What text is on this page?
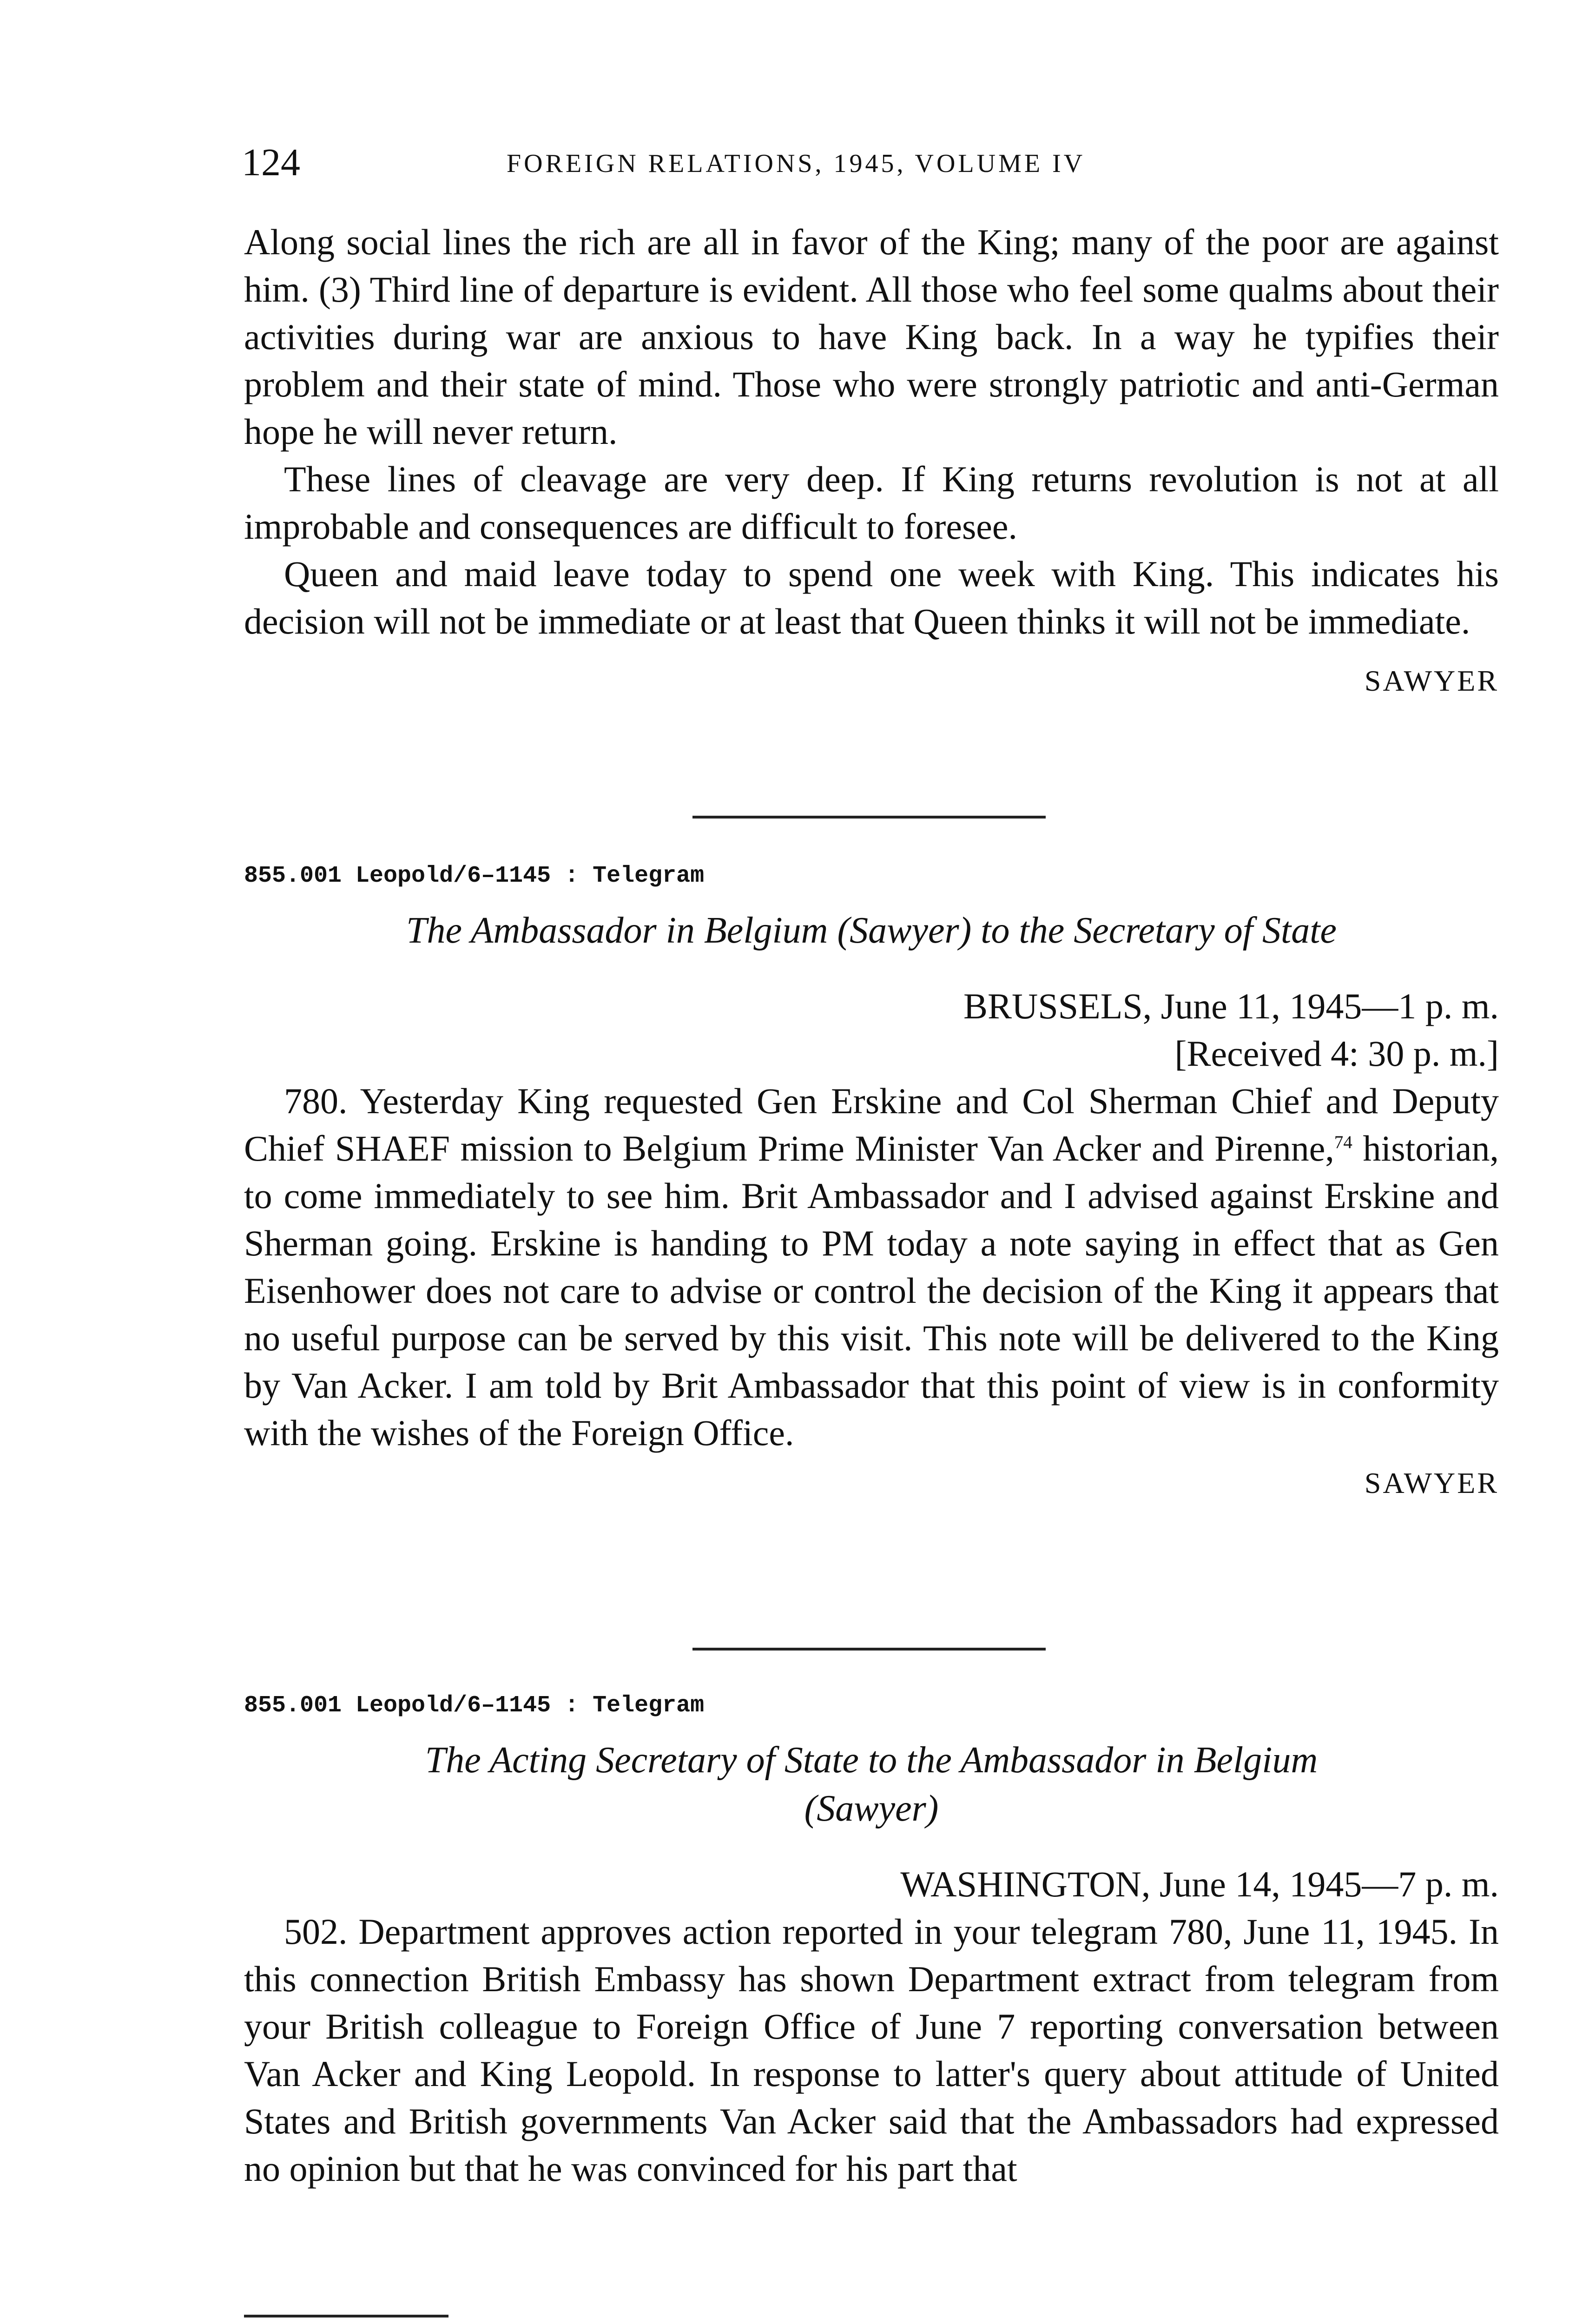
124	FOREIGN RELATIONS, 1945, VOLUME IV

Along social lines the rich are all in favor of the King; many of the poor are against him. (3) Third line of departure is evident. All those who feel some qualms about their activities during war are anxious to have King back. In a way he typifies their problem and their state of mind. Those who were strongly patriotic and anti-German hope he will never return.

These lines of cleavage are very deep. If King returns revolution is not at all improbable and consequences are difficult to foresee.

Queen and maid leave today to spend one week with King. This indicates his decision will not be immediate or at least that Queen thinks it will not be immediate.

SAWYER

855.001 Leopold/6–1145 : Telegram

The Ambassador in Belgium (Sawyer) to the Secretary of State

BRUSSELS, June 11, 1945—1 p. m.

[Received 4: 30 p. m.]

780. Yesterday King requested Gen Erskine and Col Sherman Chief and Deputy Chief SHAEF mission to Belgium Prime Minister Van Acker and Pirenne,$^{74}$ historian, to come immediately to see him. Brit Ambassador and I advised against Erskine and Sherman going. Erskine is handing to PM today a note saying in effect that as Gen Eisenhower does not care to advise or control the decision of the King it appears that no useful purpose can be served by this visit. This note will be delivered to the King by Van Acker. I am told by Brit Ambassador that this point of view is in conformity with the wishes of the Foreign Office.

SAWYER

855.001 Leopold/6–1145 : Telegram

The Acting Secretary of State to the Ambassador in Belgium

(Sawyer)

WASHINGTON, June 14, 1945—7 p. m.

502. Department approves action reported in your telegram 780, June 11, 1945. In this connection British Embassy has shown Department extract from telegram from your British colleague to Foreign Office of June 7 reporting conversation between Van Acker and King Leopold. In response to latter's query about attitude of United States and British governments Van Acker said that the Ambassadors had expressed no opinion but that he was convinced for his part that
